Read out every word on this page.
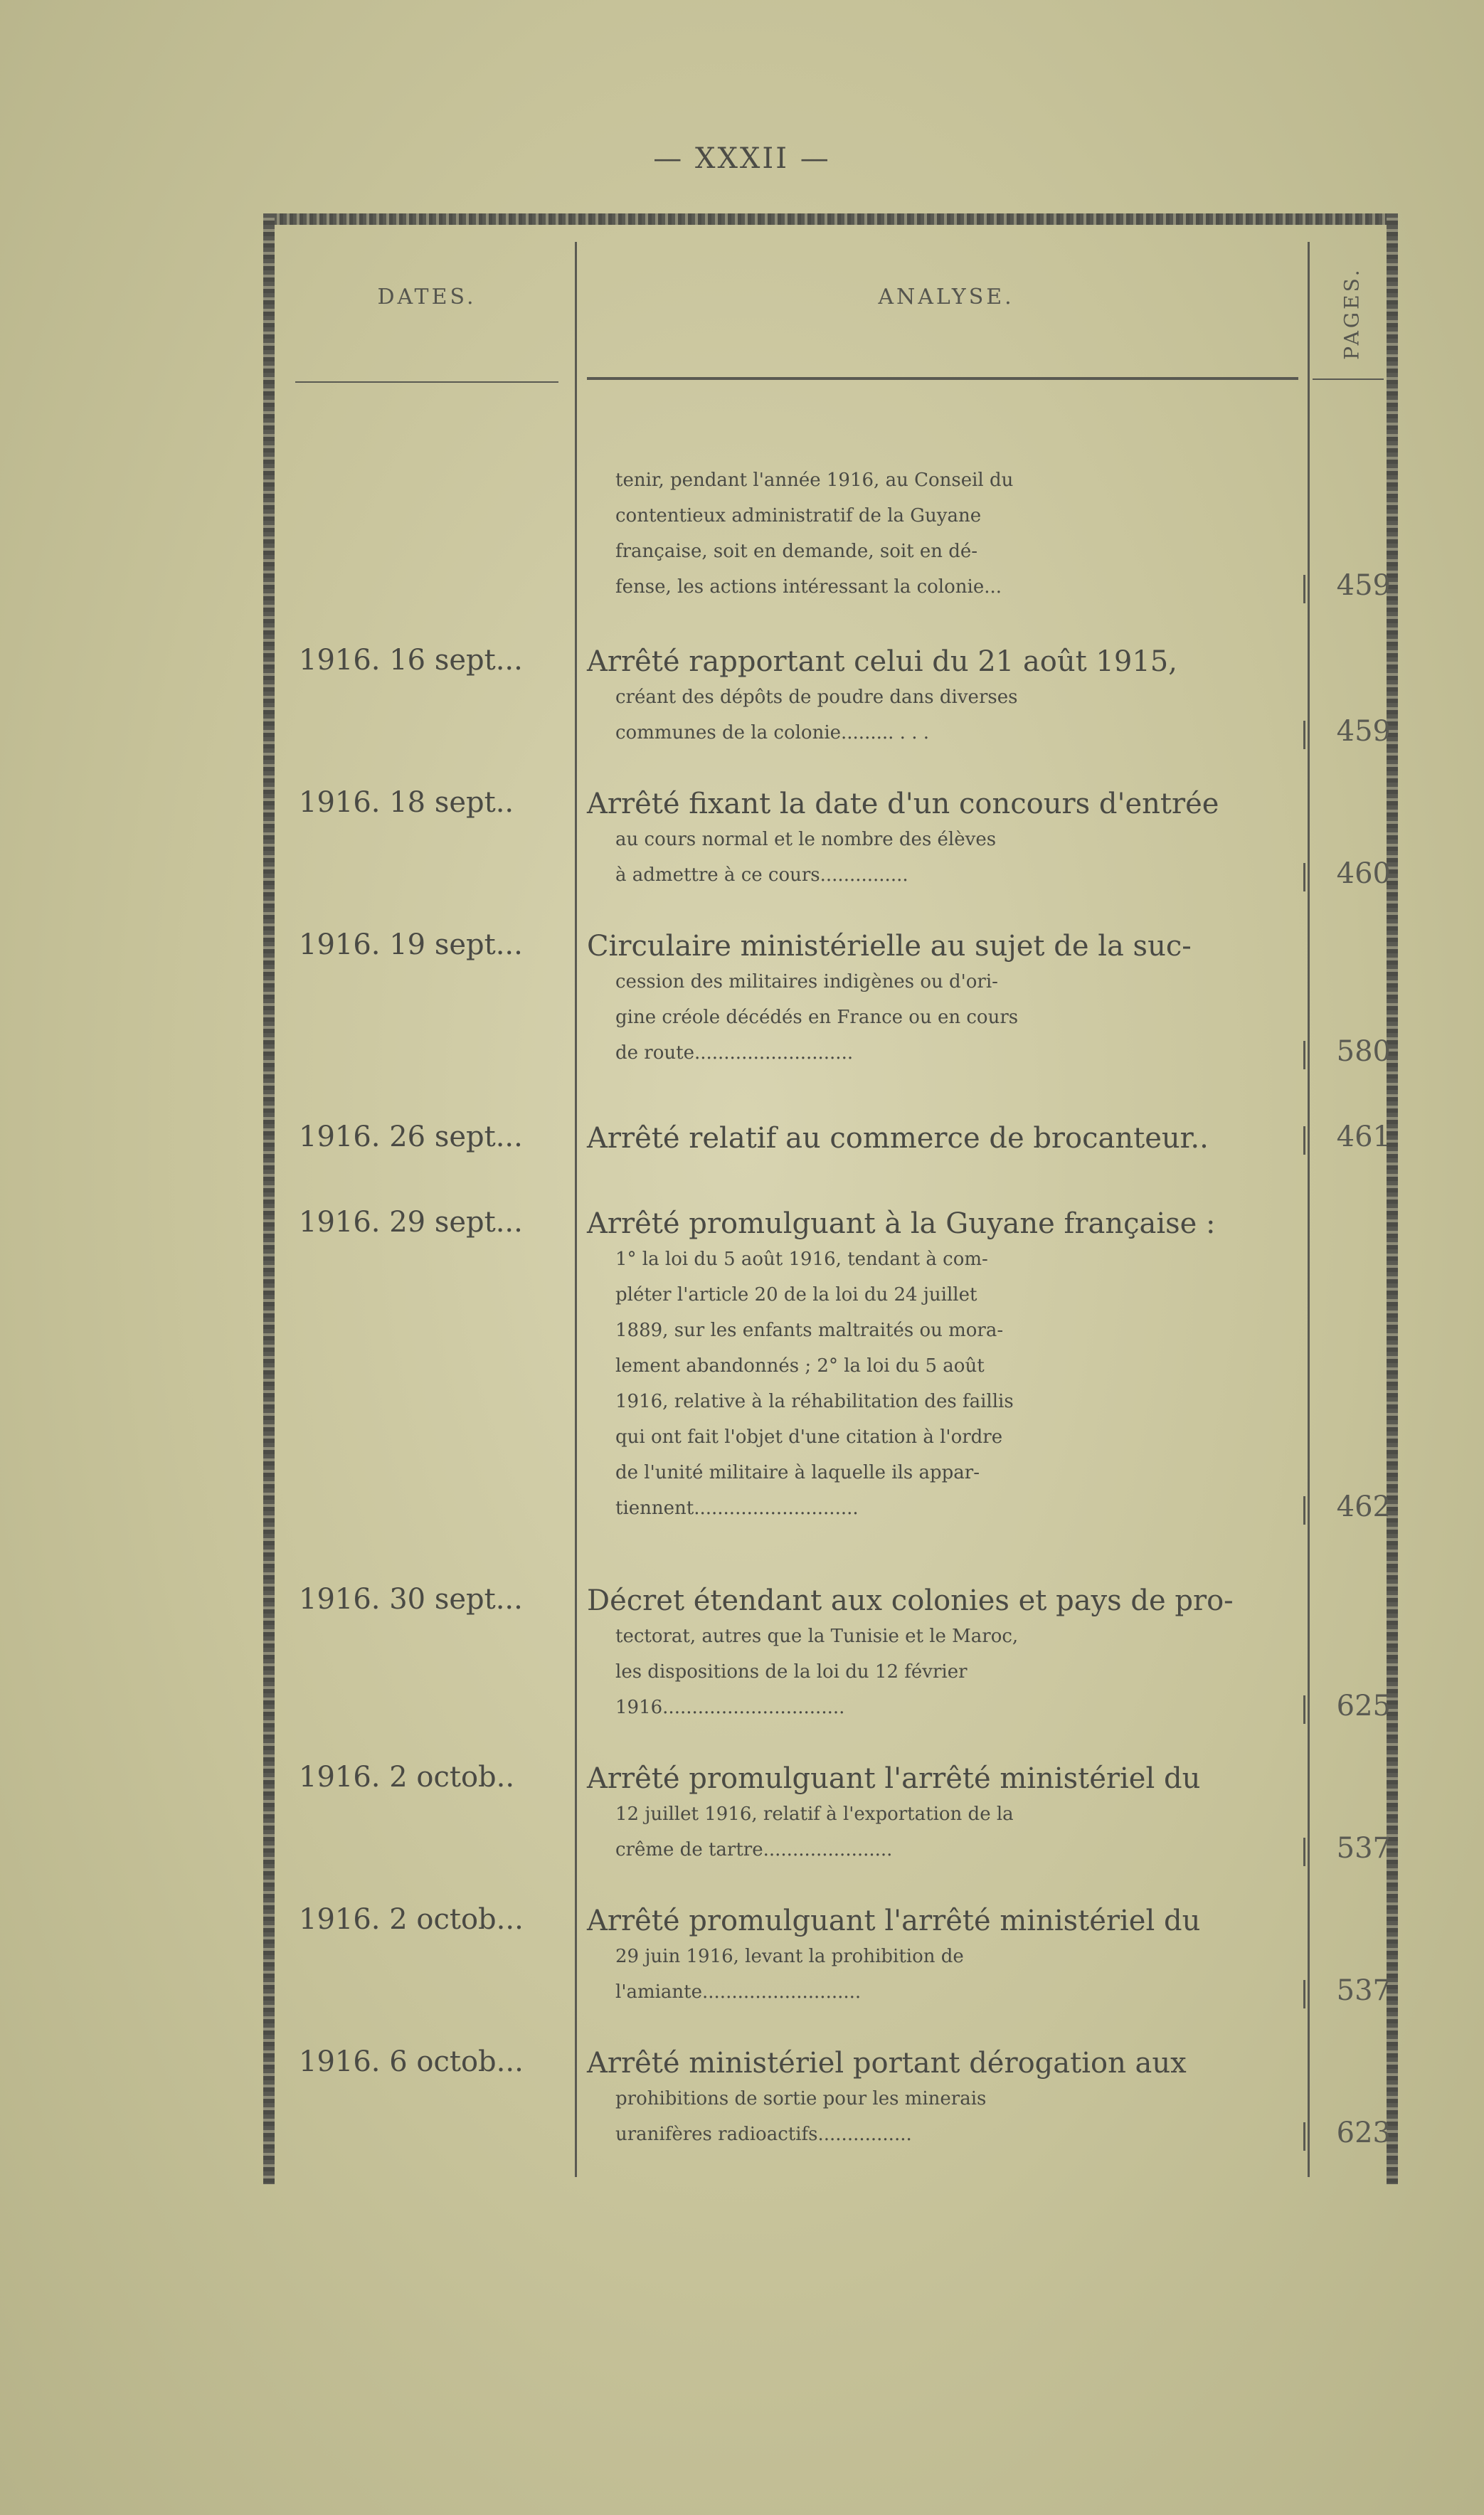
— XXXII —
DATES.	ANALYSE.	PAGES.
tenir, pendant l'année 1916, au Conseil du
contentieux administratif de la Guyane
française, soit en demande, soit en dé-
fense, les actions intéressant la colonie...	459
1916. 16 sept...	Arrêté rapportant celui du 21 août 1915,
créant des dépôts de poudre dans diverses
communes de la colonie......... . . .	459
1916. 18 sept..	Arrêté fixant la date d'un concours d'entrée
au cours normal et le nombre des élèves
à admettre à ce cours...............	460
1916. 19 sept...	Circulaire ministérielle au sujet de la suc-
cession des militaires indigènes ou d'ori-
gine créole décédés en France ou en cours
de route...........................	580
1916. 26 sept...	Arrêté relatif au commerce de brocanteur..	461
1916. 29 sept...	Arrêté promulguant à la Guyane française :
1° la loi du 5 août 1916, tendant à com-
pléter l'article 20 de la loi du 24 juillet
1889, sur les enfants maltraités ou mora-
lement abandonnés ; 2° la loi du 5 août
1916, relative à la réhabilitation des faillis
qui ont fait l'objet d'une citation à l'ordre
de l'unité militaire à laquelle ils appar-
tiennent............................	462
1916. 30 sept...	Décret étendant aux colonies et pays de pro-
tectorat, autres que la Tunisie et le Maroc,
les dispositions de la loi du 12 février
1916...............................	625
1916. 2 octob..	Arrêté promulguant l'arrêté ministériel du
12 juillet 1916, relatif à l'exportation de la
crême de tartre......................	537
1916. 2 octob...	Arrêté promulguant l'arrêté ministériel du
29 juin 1916, levant la prohibition de
l'amiante...........................	537
1916. 6 octob...	Arrêté ministériel portant dérogation aux
prohibitions de sortie pour les minerais
uranifères radioactifs................	623
